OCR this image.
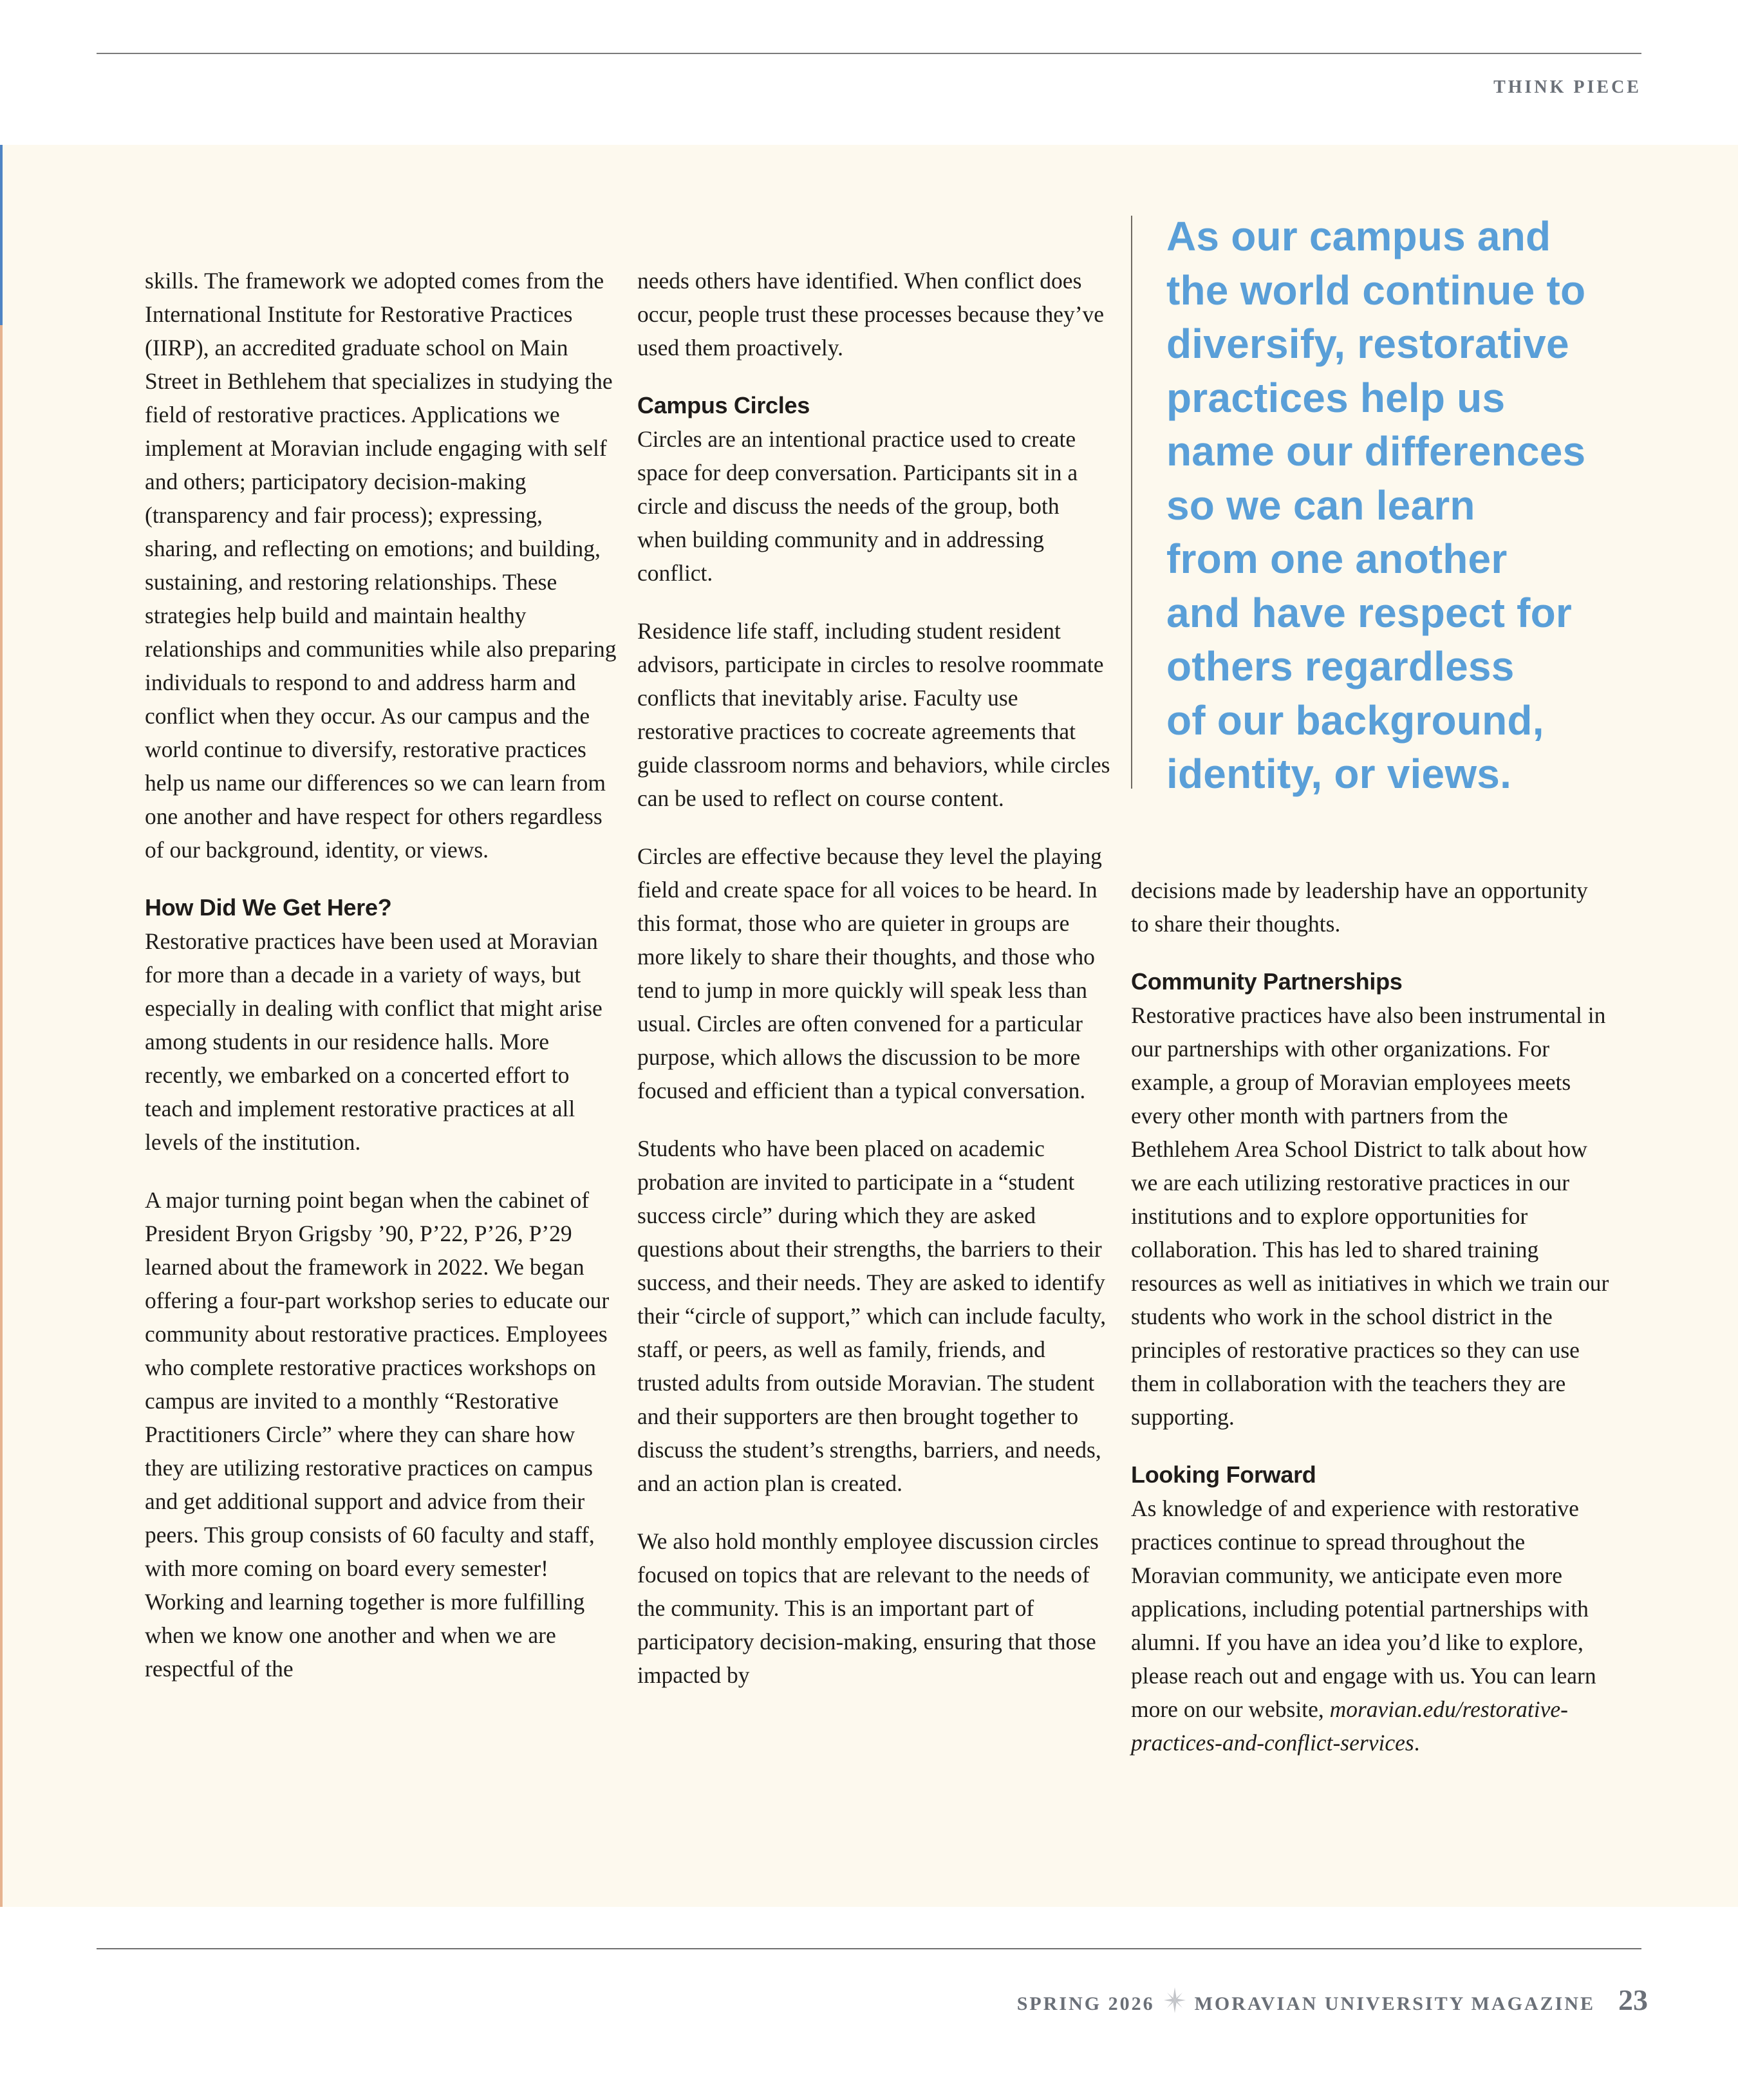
THINK PIECE

skills. The framework we adopted comes from the International Institute for Restorative Practices (IIRP), an accredited graduate school on Main Street in Bethlehem that specializes in studying the field of restorative practices. Applications we implement at Moravian include engaging with self and others; participatory decision-making (transparency and fair process); expressing, sharing, and reflecting on emotions; and building, sustaining, and restoring relationships. These strategies help build and maintain healthy relationships and communities while also preparing individuals to respond to and address harm and conflict when they occur. As our campus and the world continue to diversify, restorative practices help us name our differences so we can learn from one another and have respect for others regardless of our background, identity, or views.

How Did We Get Here?

Restorative practices have been used at Moravian for more than a decade in a variety of ways, but especially in dealing with conflict that might arise among students in our residence halls. More recently, we embarked on a concerted effort to teach and implement restorative practices at all levels of the institution.

A major turning point began when the cabinet of President Bryon Grigsby ’90, P’22, P’26, P’29 learned about the framework in 2022. We began offering a four-part workshop series to educate our community about restorative practices. Employees who complete restorative practices workshops on campus are invited to a monthly “Restorative Practitioners Circle” where they can share how they are utilizing restorative practices on campus and get additional support and advice from their peers. This group consists of 60 faculty and staff, with more coming on board every semester! Working and learning together is more fulfilling when we know one another and when we are respectful of the

needs others have identified. When conflict does occur, people trust these processes because they’ve used them proactively.

Campus Circles

Circles are an intentional practice used to create space for deep conversation. Participants sit in a circle and discuss the needs of the group, both when building community and in addressing conflict.

Residence life staff, including student resident advisors, participate in circles to resolve roommate conflicts that inevitably arise. Faculty use restorative practices to cocreate agreements that guide classroom norms and behaviors, while circles can be used to reflect on course content.

Circles are effective because they level the playing field and create space for all voices to be heard. In this format, those who are quieter in groups are more likely to share their thoughts, and those who tend to jump in more quickly will speak less than usual. Circles are often convened for a particular purpose, which allows the discussion to be more focused and efficient than a typical conversation.

Students who have been placed on academic probation are invited to participate in a “student success circle” during which they are asked questions about their strengths, the barriers to their success, and their needs. They are asked to identify their “circle of support,” which can include faculty, staff, or peers, as well as family, friends, and trusted adults from outside Moravian. The student and their supporters are then brought together to discuss the student’s strengths, barriers, and needs, and an action plan is created.

We also hold monthly employee discussion circles focused on topics that are relevant to the needs of the community. This is an important part of participatory decision-making, ensuring that those impacted by

As our campus and
the world continue to
diversify, restorative
practices help us
name our differences
so we can learn
from one another
and have respect for
others regardless
of our background,
identity, or views.

decisions made by leadership have an opportunity to share their thoughts.

Community Partnerships

Restorative practices have also been instrumental in our partnerships with other organizations. For example, a group of Moravian employees meets every other month with partners from the Bethlehem Area School District to talk about how we are each utilizing restorative practices in our institutions and to explore opportunities for collaboration. This has led to shared training resources as well as initiatives in which we train our students who work in the school district in the principles of restorative practices so they can use them in collaboration with the teachers they are supporting.

Looking Forward

As knowledge of and experience with restorative practices continue to spread throughout the Moravian community, we anticipate even more applications, including potential partnerships with alumni. If you have an idea you’d like to explore, please reach out and engage with us. You can learn more on our website, moravian.edu/restorative-practices-and-conflict-services.

SPRING 2026 MORAVIAN UNIVERSITY MAGAZINE 23
